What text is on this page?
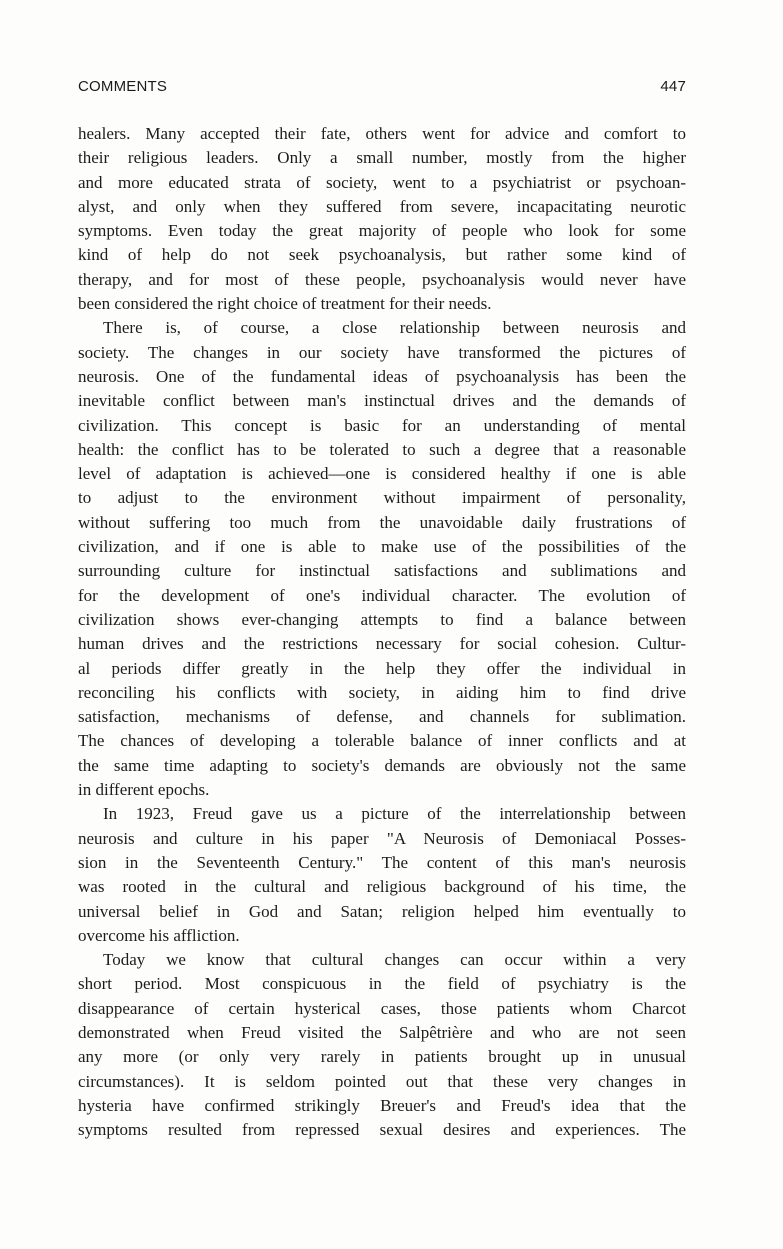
COMMENTS	447
healers. Many accepted their fate, others went for advice and comfort to
their religious leaders. Only a small number, mostly from the higher
and more educated strata of society, went to a psychiatrist or psychoan-
alyst, and only when they suffered from severe, incapacitating neurotic
symptoms. Even today the great majority of people who look for some
kind of help do not seek psychoanalysis, but rather some kind of
therapy, and for most of these people, psychoanalysis would never have
been considered the right choice of treatment for their needs.
There is, of course, a close relationship between neurosis and
society. The changes in our society have transformed the pictures of
neurosis. One of the fundamental ideas of psychoanalysis has been the
inevitable conflict between man's instinctual drives and the demands of
civilization. This concept is basic for an understanding of mental
health: the conflict has to be tolerated to such a degree that a reasonable
level of adaptation is achieved—one is considered healthy if one is able
to adjust to the environment without impairment of personality,
without suffering too much from the unavoidable daily frustrations of
civilization, and if one is able to make use of the possibilities of the
surrounding culture for instinctual satisfactions and sublimations and
for the development of one's individual character. The evolution of
civilization shows ever-changing attempts to find a balance between
human drives and the restrictions necessary for social cohesion. Cultur-
al periods differ greatly in the help they offer the individual in
reconciling his conflicts with society, in aiding him to find drive
satisfaction, mechanisms of defense, and channels for sublimation.
The chances of developing a tolerable balance of inner conflicts and at
the same time adapting to society's demands are obviously not the same
in different epochs.
In 1923, Freud gave us a picture of the interrelationship between
neurosis and culture in his paper "A Neurosis of Demoniacal Posses-
sion in the Seventeenth Century." The content of this man's neurosis
was rooted in the cultural and religious background of his time, the
universal belief in God and Satan; religion helped him eventually to
overcome his affliction.
Today we know that cultural changes can occur within a very
short period. Most conspicuous in the field of psychiatry is the
disappearance of certain hysterical cases, those patients whom Charcot
demonstrated when Freud visited the Salpêtrière and who are not seen
any more (or only very rarely in patients brought up in unusual
circumstances). It is seldom pointed out that these very changes in
hysteria have confirmed strikingly Breuer's and Freud's idea that the
symptoms resulted from repressed sexual desires and experiences. The
